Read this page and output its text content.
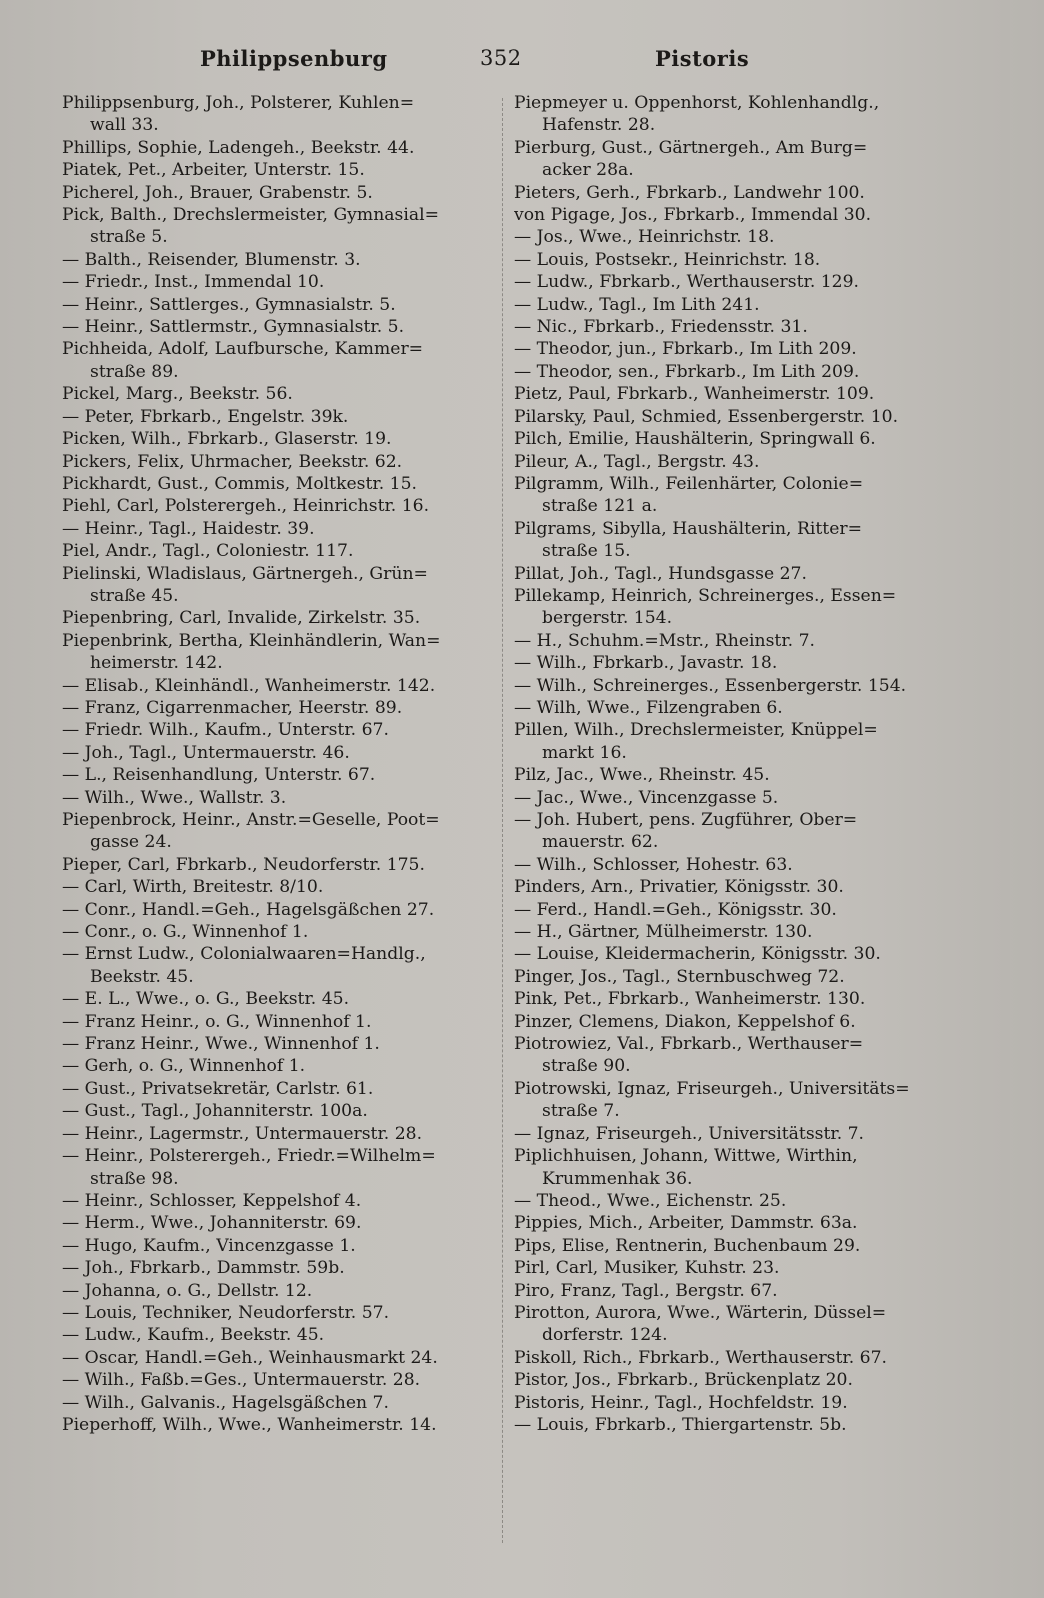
Philippsenburg	352	Pistoris
Philippsenburg, Joh., Polsterer, Kuhlen=
wall 33.
Phillips, Sophie, Ladengeh., Beekstr. 44.
Piatek, Pet., Arbeiter, Unterstr. 15.
Picherel, Joh., Brauer, Grabenstr. 5.
Pick, Balth., Drechslermeister, Gymnasial=
straße 5.
— Balth., Reisender, Blumenstr. 3.
— Friedr., Inst., Immendal 10.
— Heinr., Sattlerges., Gymnasialstr. 5.
— Heinr., Sattlermstr., Gymnasialstr. 5.
Pichheida, Adolf, Laufbursche, Kammer=
straße 89.
Pickel, Marg., Beekstr. 56.
— Peter, Fbrkarb., Engelstr. 39k.
Picken, Wilh., Fbrkarb., Glaserstr. 19.
Pickers, Felix, Uhrmacher, Beekstr. 62.
Pickhardt, Gust., Commis, Moltkestr. 15.
Piehl, Carl, Polsterergeh., Heinrichstr. 16.
— Heinr., Tagl., Haidestr. 39.
Piel, Andr., Tagl., Coloniestr. 117.
Pielinski, Wladislaus, Gärtnergeh., Grün=
straße 45.
Piepenbring, Carl, Invalide, Zirkelstr. 35.
Piepenbrink, Bertha, Kleinhändlerin, Wan=
heimerstr. 142.
— Elisab., Kleinhändl., Wanheimerstr. 142.
— Franz, Cigarrenmacher, Heerstr. 89.
— Friedr. Wilh., Kaufm., Unterstr. 67.
— Joh., Tagl., Untermauerstr. 46.
— L., Reisenhandlung, Unterstr. 67.
— Wilh., Wwe., Wallstr. 3.
Piepenbrock, Heinr., Anstr.=Geselle, Poot=
gasse 24.
Pieper, Carl, Fbrkarb., Neudorferstr. 175.
— Carl, Wirth, Breitestr. 8/10.
— Conr., Handl.=Geh., Hagelsgäßchen 27.
— Conr., o. G., Winnenhof 1.
— Ernst Ludw., Colonialwaaren=Handlg.,
Beekstr. 45.
— E. L., Wwe., o. G., Beekstr. 45.
— Franz Heinr., o. G., Winnenhof 1.
— Franz Heinr., Wwe., Winnenhof 1.
— Gerh, o. G., Winnenhof 1.
— Gust., Privatsekretär, Carlstr. 61.
— Gust., Tagl., Johanniterstr. 100a.
— Heinr., Lagermstr., Untermauerstr. 28.
— Heinr., Polsterergeh., Friedr.=Wilhelm=
straße 98.
— Heinr., Schlosser, Keppelshof 4.
— Herm., Wwe., Johanniterstr. 69.
— Hugo, Kaufm., Vincenzgasse 1.
— Joh., Fbrkarb., Dammstr. 59b.
— Johanna, o. G., Dellstr. 12.
— Louis, Techniker, Neudorferstr. 57.
— Ludw., Kaufm., Beekstr. 45.
— Oscar, Handl.=Geh., Weinhausmarkt 24.
— Wilh., Faßb.=Ges., Untermauerstr. 28.
— Wilh., Galvanis., Hagelsgäßchen 7.
Pieperhoff, Wilh., Wwe., Wanheimerstr. 14.
Piepmeyer u. Oppenhorst, Kohlenhandlg.,
Hafenstr. 28.
Pierburg, Gust., Gärtnergeh., Am Burg=
acker 28a.
Pieters, Gerh., Fbrkarb., Landwehr 100.
von Pigage, Jos., Fbrkarb., Immendal 30.
— Jos., Wwe., Heinrichstr. 18.
— Louis, Postsekr., Heinrichstr. 18.
— Ludw., Fbrkarb., Werthauserstr. 129.
— Ludw., Tagl., Im Lith 241.
— Nic., Fbrkarb., Friedensstr. 31.
— Theodor, jun., Fbrkarb., Im Lith 209.
— Theodor, sen., Fbrkarb., Im Lith 209.
Pietz, Paul, Fbrkarb., Wanheimerstr. 109.
Pilarsky, Paul, Schmied, Essenbergerstr. 10.
Pilch, Emilie, Haushälterin, Springwall 6.
Pileur, A., Tagl., Bergstr. 43.
Pilgramm, Wilh., Feilenhärter, Colonie=
straße 121 a.
Pilgrams, Sibylla, Haushälterin, Ritter=
straße 15.
Pillat, Joh., Tagl., Hundsgasse 27.
Pillekamp, Heinrich, Schreinerges., Essen=
bergerstr. 154.
— H., Schuhm.=Mstr., Rheinstr. 7.
— Wilh., Fbrkarb., Javastr. 18.
— Wilh., Schreinerges., Essenbergerstr. 154.
— Wilh, Wwe., Filzengraben 6.
Pillen, Wilh., Drechslermeister, Knüppel=
markt 16.
Pilz, Jac., Wwe., Rheinstr. 45.
— Jac., Wwe., Vincenzgasse 5.
— Joh. Hubert, pens. Zugführer, Ober=
mauerstr. 62.
— Wilh., Schlosser, Hohestr. 63.
Pinders, Arn., Privatier, Königsstr. 30.
— Ferd., Handl.=Geh., Königsstr. 30.
— H., Gärtner, Mülheimerstr. 130.
— Louise, Kleidermacherin, Königsstr. 30.
Pinger, Jos., Tagl., Sternbuschweg 72.
Pink, Pet., Fbrkarb., Wanheimerstr. 130.
Pinzer, Clemens, Diakon, Keppelshof 6.
Piotrowiez, Val., Fbrkarb., Werthauser=
straße 90.
Piotrowski, Ignaz, Friseurgeh., Universitäts=
straße 7.
— Ignaz, Friseurgeh., Universitätsstr. 7.
Piplichhuisen, Johann, Wittwe, Wirthin,
Krummenhak 36.
— Theod., Wwe., Eichenstr. 25.
Pippies, Mich., Arbeiter, Dammstr. 63a.
Pips, Elise, Rentnerin, Buchenbaum 29.
Pirl, Carl, Musiker, Kuhstr. 23.
Piro, Franz, Tagl., Bergstr. 67.
Pirotton, Aurora, Wwe., Wärterin, Düssel=
dorferstr. 124.
Piskoll, Rich., Fbrkarb., Werthauserstr. 67.
Pistor, Jos., Fbrkarb., Brückenplatz 20.
Pistoris, Heinr., Tagl., Hochfeldstr. 19.
— Louis, Fbrkarb., Thiergartenstr. 5b.
